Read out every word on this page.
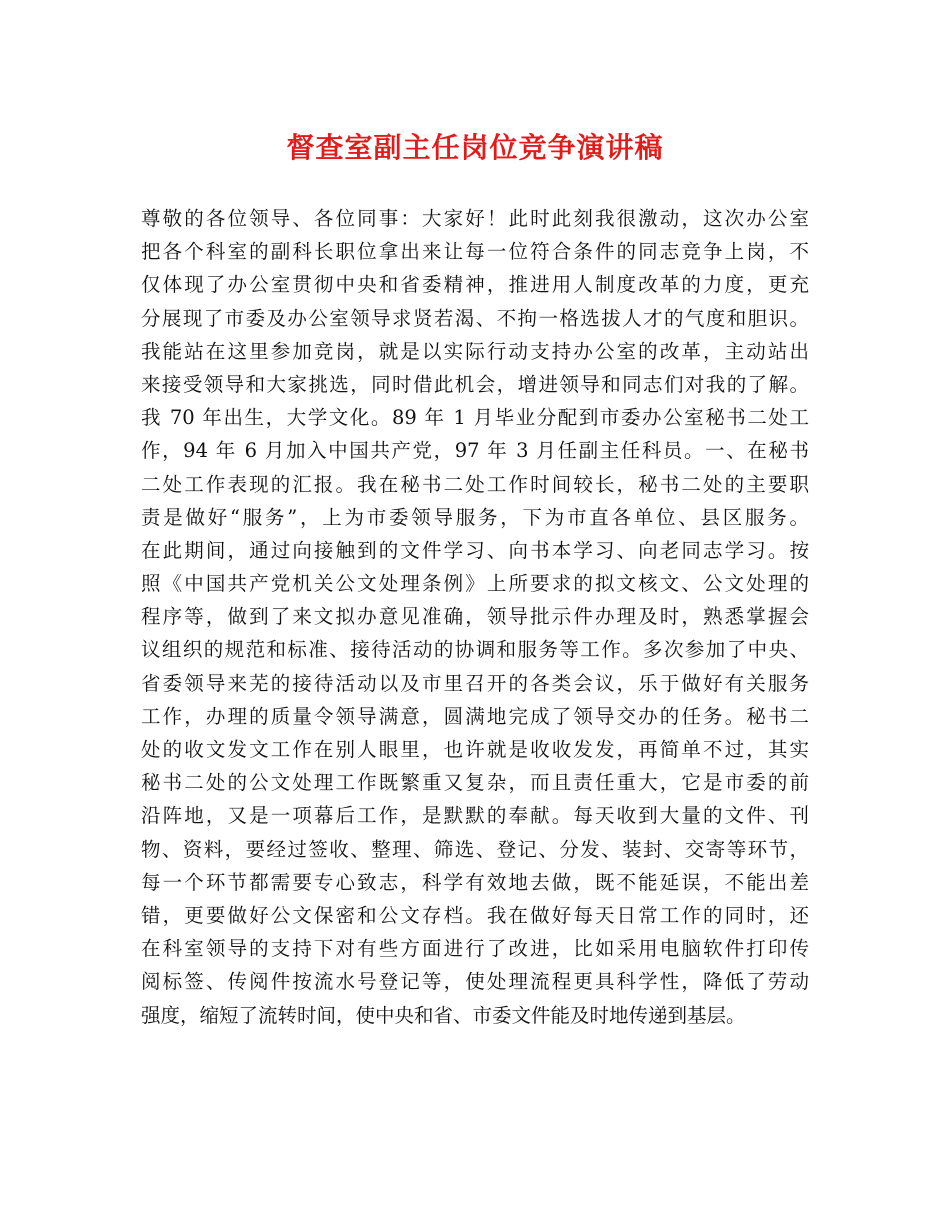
督查室副主任岗位竞争演讲稿
尊敬的各位领导、各位同事：大家好！此时此刻我很激动，这次办公室
把各个科室的副科长职位拿出来让每一位符合条件的同志竞争上岗，不
仅体现了办公室贯彻中央和省委精神，推进用人制度改革的力度，更充
分展现了市委及办公室领导求贤若渴、不拘一格选拔人才的气度和胆识。
我能站在这里参加竞岗，就是以实际行动支持办公室的改革，主动站出
来接受领导和大家挑选，同时借此机会，增进领导和同志们对我的了解。
我 70 年出生，大学文化。89 年 1 月毕业分配到市委办公室秘书二处工
作，94 年 6 月加入中国共产党，97 年 3 月任副主任科员。一、在秘书
二处工作表现的汇报。我在秘书二处工作时间较长，秘书二处的主要职
责是做好“服务”，上为市委领导服务，下为市直各单位、县区服务。
在此期间，通过向接触到的文件学习、向书本学习、向老同志学习。按
照《中国共产党机关公文处理条例》上所要求的拟文核文、公文处理的
程序等，做到了来文拟办意见准确，领导批示件办理及时，熟悉掌握会
议组织的规范和标准、接待活动的协调和服务等工作。多次参加了中央、
省委领导来芜的接待活动以及市里召开的各类会议，乐于做好有关服务
工作，办理的质量令领导满意，圆满地完成了领导交办的任务。秘书二
处的收文发文工作在别人眼里，也许就是收收发发，再简单不过，其实
秘书二处的公文处理工作既繁重又复杂，而且责任重大，它是市委的前
沿阵地，又是一项幕后工作，是默默的奉献。每天收到大量的文件、刊
物、资料，要经过签收、整理、筛选、登记、分发、装封、交寄等环节，
每一个环节都需要专心致志，科学有效地去做，既不能延误，不能出差
错，更要做好公文保密和公文存档。我在做好每天日常工作的同时，还
在科室领导的支持下对有些方面进行了改进，比如采用电脑软件打印传
阅标签、传阅件按流水号登记等，使处理流程更具科学性，降低了劳动
强度，缩短了流转时间，使中央和省、市委文件能及时地传递到基层。
